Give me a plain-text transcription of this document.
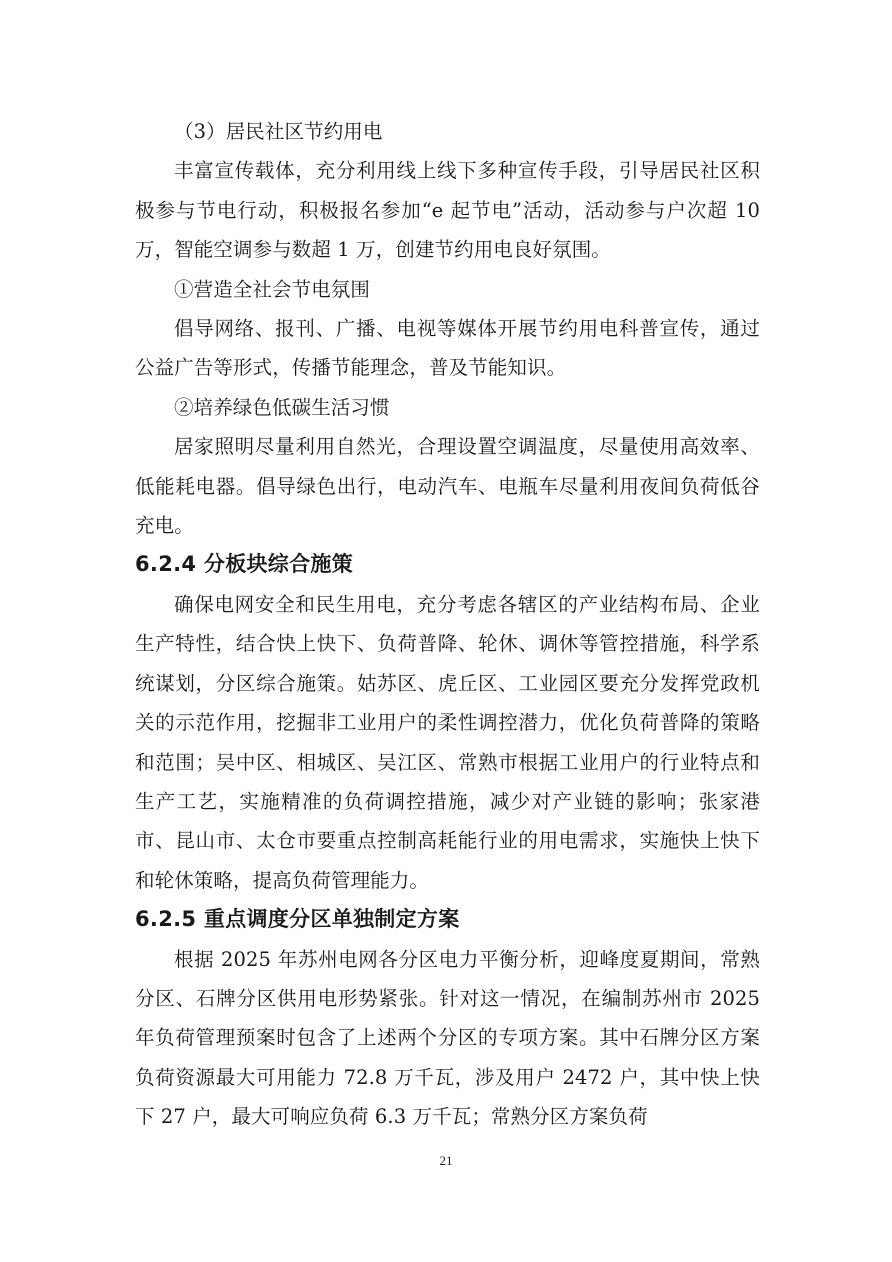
（3）居民社区节约用电

丰富宣传载体，充分利用线上线下多种宣传手段，引导居民社区积极参与节电行动，积极报名参加“e 起节电”活动，活动参与户次超 10 万，智能空调参与数超 1 万，创建节约用电良好氛围。

①营造全社会节电氛围

倡导网络、报刊、广播、电视等媒体开展节约用电科普宣传，通过公益广告等形式，传播节能理念，普及节能知识。

②培养绿色低碳生活习惯

居家照明尽量利用自然光，合理设置空调温度，尽量使用高效率、低能耗电器。倡导绿色出行，电动汽车、电瓶车尽量利用夜间负荷低谷充电。

6.2.4 分板块综合施策

确保电网安全和民生用电，充分考虑各辖区的产业结构布局、企业生产特性，结合快上快下、负荷普降、轮休、调休等管控措施，科学系统谋划，分区综合施策。姑苏区、虎丘区、工业园区要充分发挥党政机关的示范作用，挖掘非工业用户的柔性调控潜力，优化负荷普降的策略和范围；吴中区、相城区、吴江区、常熟市根据工业用户的行业特点和生产工艺，实施精准的负荷调控措施，减少对产业链的影响；张家港市、昆山市、太仓市要重点控制高耗能行业的用电需求，实施快上快下和轮休策略，提高负荷管理能力。

6.2.5 重点调度分区单独制定方案

根据 2025 年苏州电网各分区电力平衡分析，迎峰度夏期间，常熟分区、石牌分区供用电形势紧张。针对这一情况，在编制苏州市 2025 年负荷管理预案时包含了上述两个分区的专项方案。其中石牌分区方案负荷资源最大可用能力 72.8 万千瓦，涉及用户 2472 户，其中快上快下 27 户，最大可响应负荷 6.3 万千瓦；常熟分区方案负荷

21
